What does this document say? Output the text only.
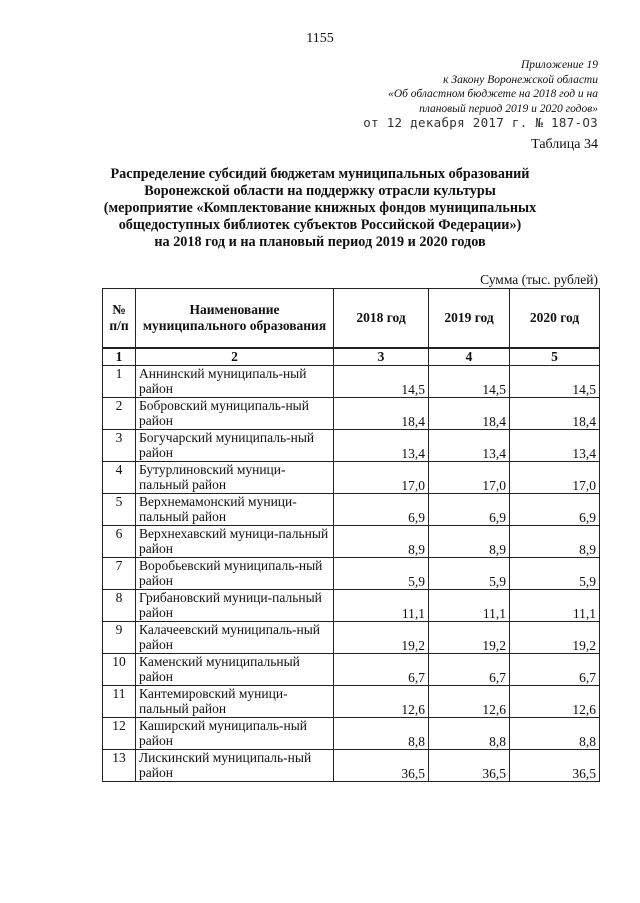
1155
Приложение 19
к Закону Воронежской области
«Об областном бюджете на 2018 год и на
плановый период 2019 и 2020 годов»
от 12 декабря 2017 г. № 187-ОЗ
Таблица 34
Распределение субсидий бюджетам муниципальных образований
Воронежской области на поддержку отрасли культуры
(мероприятие «Комплектование книжных фондов муниципальных
общедоступных библиотек субъектов Российской Федерации»)
на 2018 год и на плановый период 2019 и 2020 годов
Сумма (тыс. рублей)
№ п/п	Наименование муниципального образования	2018 год	2019 год	2020 год
1	2	3	4	5
1	Аннинский муниципаль-ный район	14,5	14,5	14,5
2	Бобровский муниципаль-ный район	18,4	18,4	18,4
3	Богучарский муниципаль-ный район	13,4	13,4	13,4
4	Бутурлиновский муници-пальный район	17,0	17,0	17,0
5	Верхнемамонский муници-пальный район	6,9	6,9	6,9
6	Верхнехавский муници-пальный район	8,9	8,9	8,9
7	Воробьевский муниципаль-ный район	5,9	5,9	5,9
8	Грибановский муници-пальный район	11,1	11,1	11,1
9	Калачеевский муниципаль-ный район	19,2	19,2	19,2
10	Каменский муниципальный район	6,7	6,7	6,7
11	Кантемировский муници-пальный район	12,6	12,6	12,6
12	Каширский муниципаль-ный район	8,8	8,8	8,8
13	Лискинский муниципаль-ный район	36,5	36,5	36,5
